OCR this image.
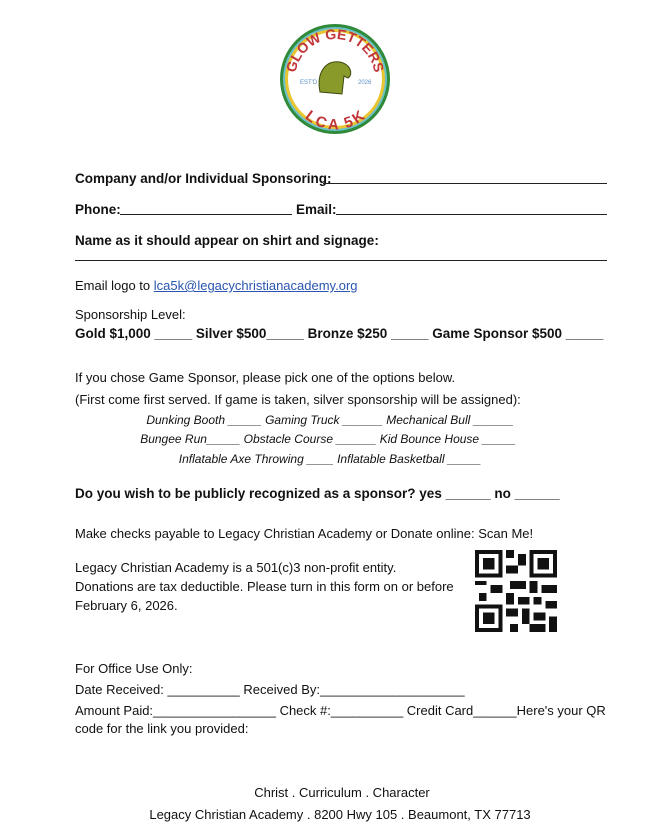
GLOW GETTERS
LCA 5K
EST'D	2026
Company and/or Individual Sponsoring:
Phone:	Email:
Name as it should appear on shirt and signage:
Email logo to lca5k@legacychristianacademy.org
Sponsorship Level:
Gold $1,000 _____ Silver $500_____ Bronze $250 _____ Game Sponsor $500 _____
If you chose Game Sponsor, please pick one of the options below.
(First come first served. If game is taken, silver sponsorship will be assigned):
Dunking Booth _____ Gaming Truck ______ Mechanical Bull ______
Bungee Run_____ Obstacle Course ______ Kid Bounce House _____
Inflatable Axe Throwing ____ Inflatable Basketball _____
Do you wish to be publicly recognized as a sponsor? yes ______ no ______
Make checks payable to Legacy Christian Academy or Donate online: Scan Me!
Legacy Christian Academy is a 501(c)3 non-profit entity.
Donations are tax deductible. Please turn in this form on or before
February 6, 2026.
For Office Use Only:
Date Received: __________ Received By:____________________
Amount Paid:_________________ Check #:__________ Credit Card______Here's your QR
code for the link you provided:
Christ . Curriculum . Character
Legacy Christian Academy . 8200 Hwy 105 . Beaumont, TX 77713
